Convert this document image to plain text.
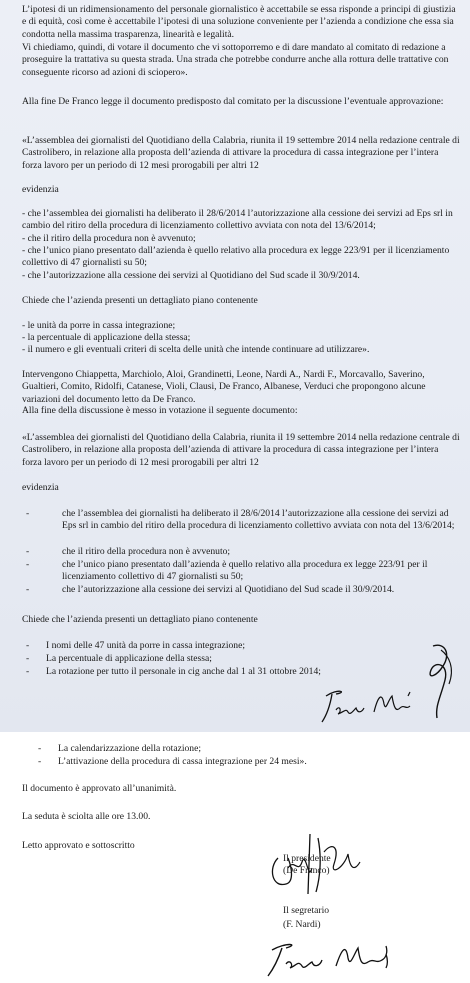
L’ipotesi di un ridimensionamento del personale giornalistico è accettabile se essa risponde a principi di giustizia e di equità, così come è accettabile l’ipotesi di una soluzione conveniente per l’azienda a condizione che essa sia condotta nella massima trasparenza, linearità e legalità.

Vi chiediamo, quindi, di votare il documento che vi sottoporremo e di dare mandato al comitato di redazione a proseguire la trattativa su questa strada. Una strada che potrebbe condurre anche alla rottura delle trattative con conseguente ricorso ad azioni di sciopero».

Alla fine De Franco legge il documento predisposto dal comitato per la discussione l’eventuale approvazione:

«L’assemblea dei giornalisti del Quotidiano della Calabria, riunita il 19 settembre 2014 nella redazione centrale di Castrolibero, in relazione alla proposta dell’azienda di attivare la procedura di cassa integrazione per l’intera forza lavoro per un periodo di 12 mesi prorogabili per altri 12

evidenzia

- che l’assemblea dei giornalisti ha deliberato il 28/6/2014 l’autorizzazione alla cessione dei servizi ad Eps srl in cambio del ritiro della procedura di licenziamento collettivo avviata con nota del 13/6/2014;

- che il ritiro della procedura non è avvenuto;

- che l’unico piano presentato dall’azienda è quello relativo alla procedura ex legge 223/91 per il licenziamento collettivo di 47 giornalisti su 50;

- che l’autorizzazione alla cessione dei servizi al Quotidiano del Sud scade il 30/9/2014.

Chiede che l’azienda presenti un dettagliato piano contenente

- le unità da porre in cassa integrazione;

- la percentuale di applicazione della stessa;

- il numero e gli eventuali criteri di scelta delle unità che intende continuare ad utilizzare».

Intervengono Chiappetta, Marchiolo, Aloi, Grandinetti, Leone, Nardi A., Nardi F., Morcavallo, Saverino, Gualtieri, Comito, Ridolfi, Catanese, Violi, Clausi, De Franco, Albanese, Verduci che propongono alcune variazioni del documento letto da De Franco.

Alla fine della discussione è messo in votazione il seguente documento:

«L’assemblea dei giornalisti del Quotidiano della Calabria, riunita il 19 settembre 2014 nella redazione centrale di Castrolibero, in relazione alla proposta dell’azienda di attivare la procedura di cassa integrazione per l’intera forza lavoro per un periodo di 12 mesi prorogabili per altri 12

evidenzia

-	che l’assemblea dei giornalisti ha deliberato il 28/6/2014 l’autorizzazione alla cessione dei servizi ad Eps srl in cambio del ritiro della procedura di licenziamento collettivo avviata con nota del 13/6/2014;

-	che il ritiro della procedura non è avvenuto;

-	che l’unico piano presentato dall’azienda è quello relativo alla procedura ex legge 223/91 per il licenziamento collettivo di 47 giornalisti su 50;

-	che l’autorizzazione alla cessione dei servizi al Quotidiano del Sud scade il 30/9/2014.

Chiede che l’azienda presenti un dettagliato piano contenente

- I nomi delle 47 unità da porre in cassa integrazione;

- La percentuale di applicazione della stessa;

- La rotazione per tutto il personale in cig anche dal 1 al 31 ottobre 2014;

- La calendarizzazione della rotazione;

- L’attivazione della procedura di cassa integrazione per 24 mesi».

Il documento è approvato all’unanimità.

La seduta è sciolta alle ore 13.00.

Letto approvato e sottoscritto

Il presidente

(De Franco)

Il segretario

(F. Nardi)
